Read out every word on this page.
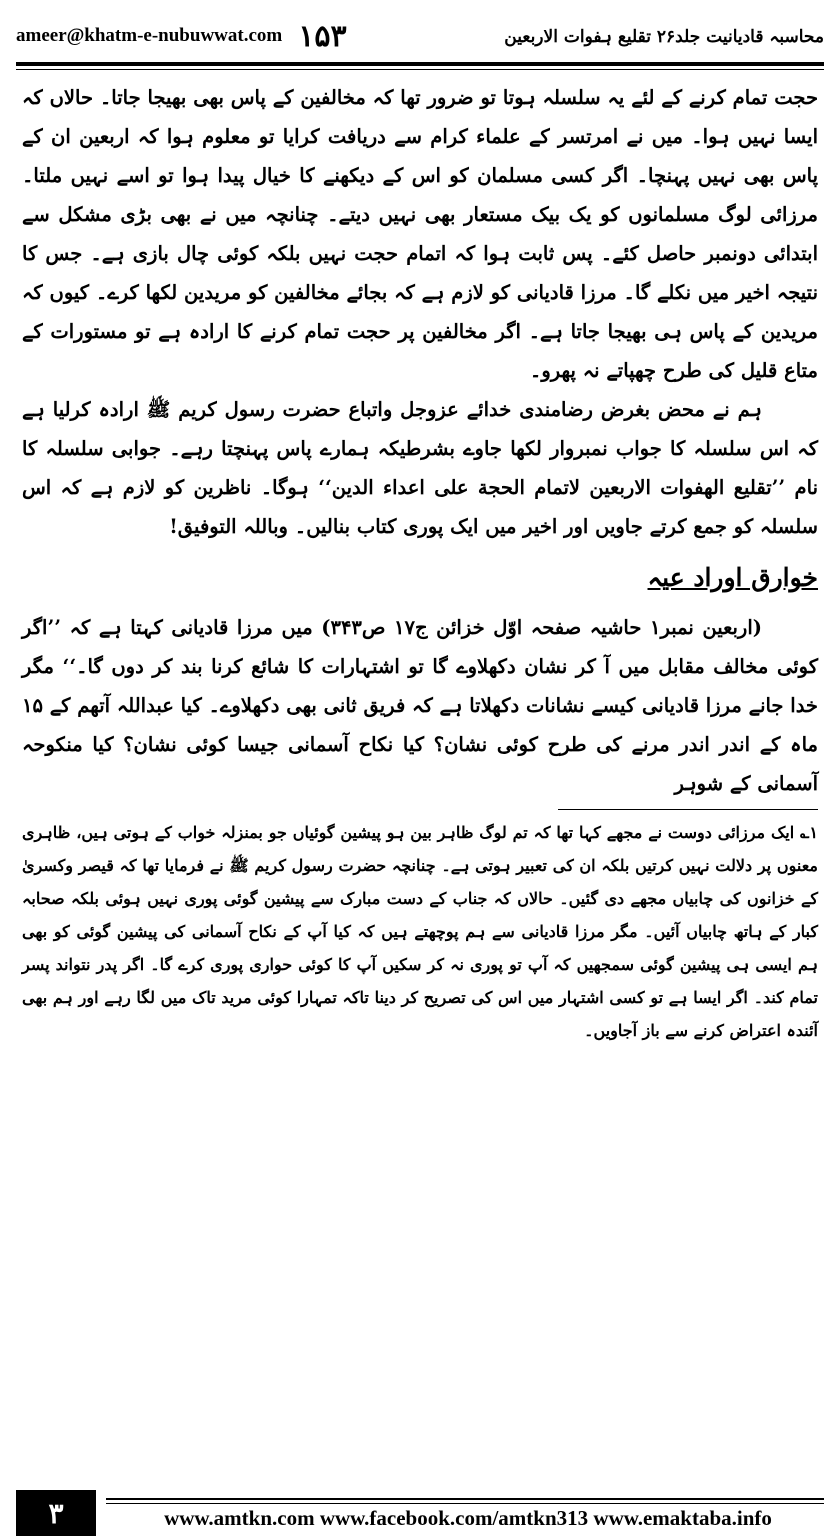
ameer@khatm-e-nubuwwat.com ۱۵۳	محاسبہ قادیانیت جلد۲۶ تقلیع ہفوات الاربعین

حجت تمام کرنے کے لئے یہ سلسلہ ہوتا تو ضرور تھا کہ مخالفین کے پاس بھی بھیجا جاتا۔ حالاں کہ ایسا نہیں ہوا۔ میں نے امرتسر کے علماء کرام سے دریافت کرایا تو معلوم ہوا کہ اربعین ان کے پاس بھی نہیں پہنچا۔ اگر کسی مسلمان کو اس کے دیکھنے کا خیال پیدا ہوا تو اسے نہیں ملتا۔ مرزائی لوگ مسلمانوں کو یک بیک مستعار بھی نہیں دیتے۔ چنانچہ میں نے بھی بڑی مشکل سے ابتدائی دونمبر حاصل کئے۔ پس ثابت ہوا کہ اتمام حجت نہیں بلکہ کوئی چال بازی ہے۔ جس کا نتیجہ اخیر میں نکلے گا۔ مرزا قادیانی کو لازم ہے کہ بجائے مخالفین کو مریدین لکھا کرے۔ کیوں کہ مریدین کے پاس ہی بھیجا جاتا ہے۔ اگر مخالفین پر حجت تمام کرنے کا ارادہ ہے تو مستورات کے متاع قلیل کی طرح چھپاتے نہ پھرو۔

ہم نے محض بغرض رضامندی خدائے عزوجل واتباع حضرت رسول کریم ﷺ ارادہ کرلیا ہے کہ اس سلسلہ کا جواب نمبروار لکھا جاوے بشرطیکہ ہمارے پاس پہنچتا رہے۔ جوابی سلسلہ کا نام ’’تقلیع الهفوات الاربعین لاتمام الحجة علی اعداء الدین‘‘ ہوگا۔ ناظرین کو لازم ہے کہ اس سلسلہ کو جمع کرتے جاویں اور اخیر میں ایک پوری کتاب بنالیں۔ وباللہ التوفیق!

خوارق اوراد عیہ

(اربعین نمبر۱ حاشیہ صفحہ اوّل خزائن ج۱۷ ص۳۴۳) میں مرزا قادیانی کہتا ہے کہ ’’اگر کوئی مخالف مقابل میں آ کر نشان دکھلاوے گا تو اشتہارات کا شائع کرنا بند کر دوں گا۔‘‘ مگر خدا جانے مرزا قادیانی کیسے نشانات دکھلاتا ہے کہ فریق ثانی بھی دکھلاوے۔ کیا عبداللہ آتھم کے ۱۵ ماہ کے اندر اندر مرنے کی طرح کوئی نشان؟ کیا نکاح آسمانی جیسا کوئی نشان؟ کیا منکوحہ آسمانی کے شوہر

۱؎ ایک مرزائی دوست نے مجھے کہا تھا کہ تم لوگ ظاہر بین ہو پیشین گوئیاں جو بمنزلہ خواب کے ہوتی ہیں، ظاہری معنوں پر دلالت نہیں کرتیں بلکہ ان کی تعبیر ہوتی ہے۔ چنانچہ حضرت رسول کریم ﷺ نے فرمایا تھا کہ قیصر وکسریٰ کے خزانوں کی چابیاں مجھے دی گئیں۔ حالاں کہ جناب کے دست مبارک سے پیشین گوئی پوری نہیں ہوئی بلکہ صحابہ کبار کے ہاتھ چابیاں آئیں۔ مگر مرزا قادیانی سے ہم پوچھتے ہیں کہ کیا آپ کے نکاح آسمانی کی پیشین گوئی کو بھی ہم ایسی ہی پیشین گوئی سمجھیں کہ آپ تو پوری نہ کر سکیں آپ کا کوئی حواری پوری کرے گا۔ اگر پدر نتواند پسر تمام کند۔ اگر ایسا ہے تو کسی اشتہار میں اس کی تصریح کر دینا تاکہ تمہارا کوئی مرید تاک میں لگا رہے اور ہم بھی آئندہ اعتراض کرنے سے باز آجاویں۔

۳	www.amtkn.com www.facebook.com/amtkn313 www.emaktaba.info
